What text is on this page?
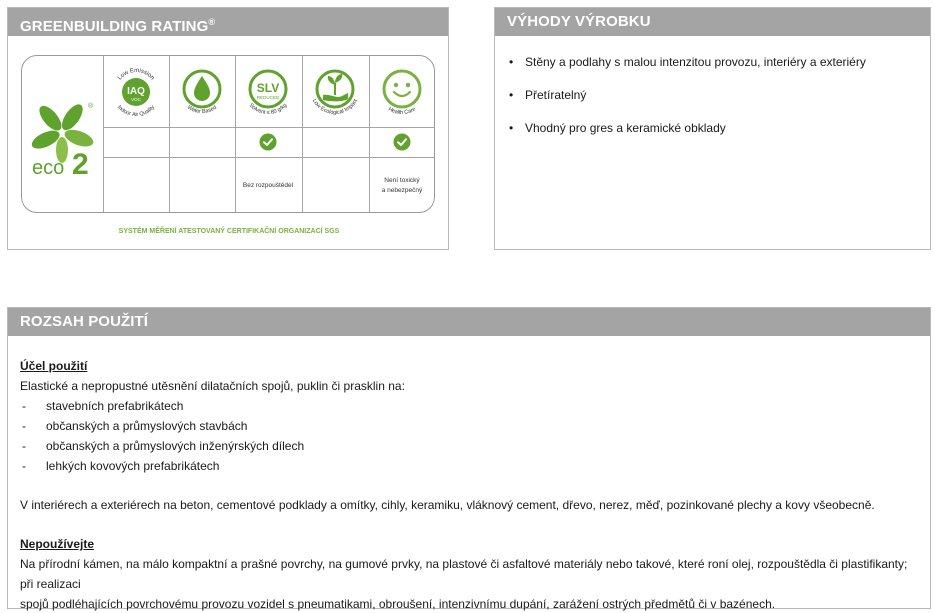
GREENBUILDING RATING®
®
eco 2
Low Emission
IAQ
VOC
Indoor Air Quality	Water Based
SLV
REDUCED
Solvent ≤ 80 g/kg
Low Ecological Impact
Health Care
Bez rozpouštědel
Není toxický
a nebezpečný
SYSTÉM MĚŘENÍ ATESTOVANÝ CERTIFIKAČNÍ ORGANIZACÍ SGS
VÝHODY VÝROBKU
• Stěny a podlahy s malou intenzitou provozu, interiéry a exteriéry
• Přetíratelný
• Vhodný pro gres a keramické obklady
ROZSAH POUŽITÍ
Účel použití
Elastické a nepropustné utěsnění dilatačních spojů, puklin či prasklin na:
- stavebních prefabrikátech
- občanských a průmyslových stavbách
- občanských a průmyslových inženýrských dílech
- lehkých kovových prefabrikátech
V interiérech a exteriérech na beton, cementové podklady a omítky, cihly, keramiku, vláknový cement, dřevo, nerez, měď, pozinkované plechy a kovy všeobecně.
Nepoužívejte
Na přírodní kámen, na málo kompaktní a prašné povrchy, na gumové prvky, na plastové či asfaltové materiály nebo takové, které roní olej, rozpouštědla či plastifikanty; při realizaci
spojů podléhajících povrchovému provozu vozidel s pneumatikami, obroušení, intenzivnímu dupání, zarážení ostrých předmětů či v bazénech.
